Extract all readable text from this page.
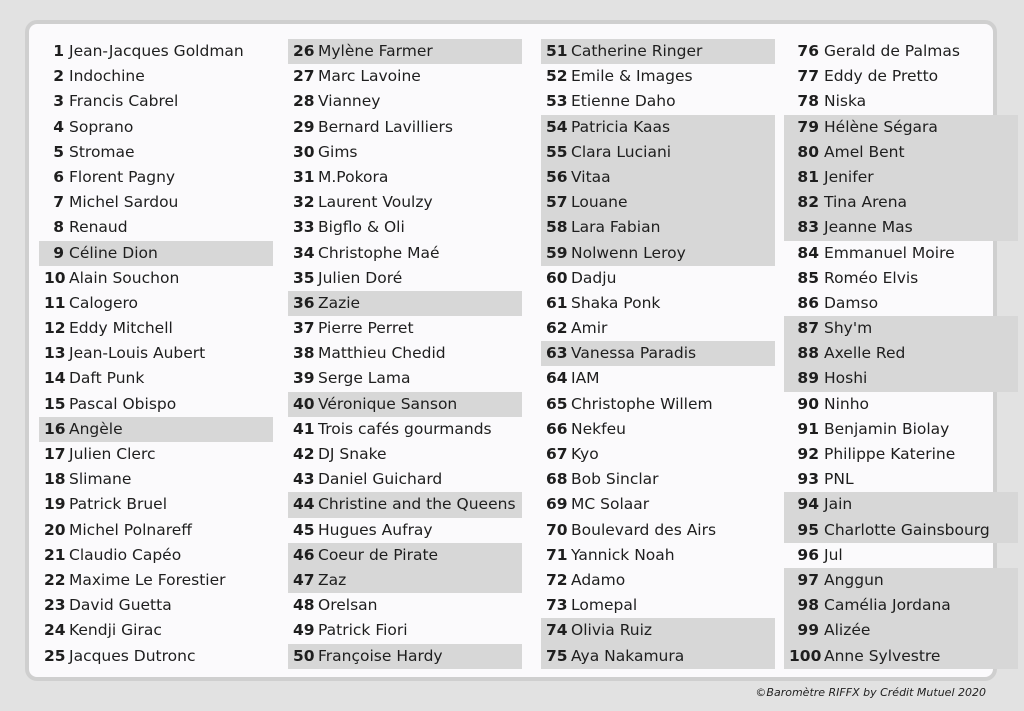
1 Jean-Jacques Goldman
2 Indochine
3 Francis Cabrel
4 Soprano
5 Stromae
6 Florent Pagny
7 Michel Sardou
8 Renaud
9 Céline Dion
10 Alain Souchon
11 Calogero
12 Eddy Mitchell
13 Jean-Louis Aubert
14 Daft Punk
15 Pascal Obispo
16 Angèle
17 Julien Clerc
18 Slimane
19 Patrick Bruel
20 Michel Polnareff
21 Claudio Capéo
22 Maxime Le Forestier
23 David Guetta
24 Kendji Girac
25 Jacques Dutronc
26 Mylène Farmer
27 Marc Lavoine
28 Vianney
29 Bernard Lavilliers
30 Gims
31 M.Pokora
32 Laurent Voulzy
33 Bigflo & Oli
34 Christophe Maé
35 Julien Doré
36 Zazie
37 Pierre Perret
38 Matthieu Chedid
39 Serge Lama
40 Véronique Sanson
41 Trois cafés gourmands
42 DJ Snake
43 Daniel Guichard
44 Christine and the Queens
45 Hugues Aufray
46 Coeur de Pirate
47 Zaz
48 Orelsan
49 Patrick Fiori
50 Françoise Hardy
51 Catherine Ringer
52 Emile & Images
53 Etienne Daho
54 Patricia Kaas
55 Clara Luciani
56 Vitaa
57 Louane
58 Lara Fabian
59 Nolwenn Leroy
60 Dadju
61 Shaka Ponk
62 Amir
63 Vanessa Paradis
64 IAM
65 Christophe Willem
66 Nekfeu
67 Kyo
68 Bob Sinclar
69 MC Solaar
70 Boulevard des Airs
71 Yannick Noah
72 Adamo
73 Lomepal
74 Olivia Ruiz
75 Aya Nakamura
76 Gerald de Palmas
77 Eddy de Pretto
78 Niska
79 Hélène Ségara
80 Amel Bent
81 Jenifer
82 Tina Arena
83 Jeanne Mas
84 Emmanuel Moire
85 Roméo Elvis
86 Damso
87 Shy'm
88 Axelle Red
89 Hoshi
90 Ninho
91 Benjamin Biolay
92 Philippe Katerine
93 PNL
94 Jain
95 Charlotte Gainsbourg
96 Jul
97 Anggun
98 Camélia Jordana
99 Alizée
100 Anne Sylvestre
©Baromètre RIFFX by Crédit Mutuel 2020
